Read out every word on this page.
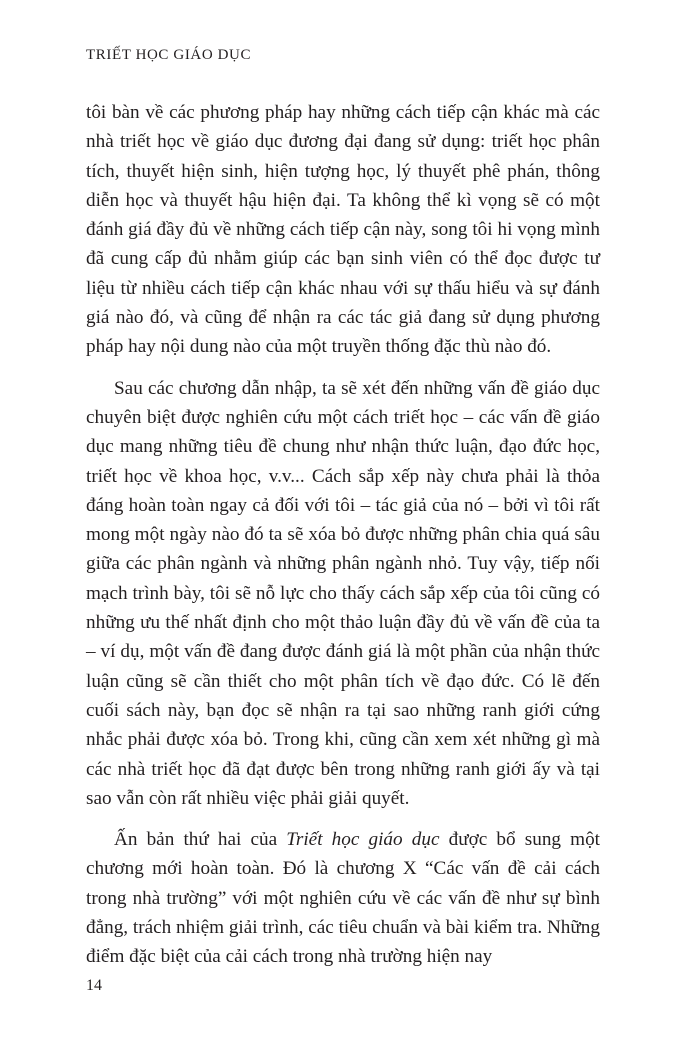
TRIẾT HỌC GIÁO DỤC

tôi bàn về các phương pháp hay những cách tiếp cận khác mà các nhà triết học về giáo dục đương đại đang sử dụng: triết học phân tích, thuyết hiện sinh, hiện tượng học, lý thuyết phê phán, thông diễn học và thuyết hậu hiện đại. Ta không thể kì vọng sẽ có một đánh giá đầy đủ về những cách tiếp cận này, song tôi hi vọng mình đã cung cấp đủ nhằm giúp các bạn sinh viên có thể đọc được tư liệu từ nhiều cách tiếp cận khác nhau với sự thấu hiểu và sự đánh giá nào đó, và cũng để nhận ra các tác giả đang sử dụng phương pháp hay nội dung nào của một truyền thống đặc thù nào đó.

Sau các chương dẫn nhập, ta sẽ xét đến những vấn đề giáo dục chuyên biệt được nghiên cứu một cách triết học – các vấn đề giáo dục mang những tiêu đề chung như nhận thức luận, đạo đức học, triết học về khoa học, v.v... Cách sắp xếp này chưa phải là thỏa đáng hoàn toàn ngay cả đối với tôi – tác giả của nó – bởi vì tôi rất mong một ngày nào đó ta sẽ xóa bỏ được những phân chia quá sâu giữa các phân ngành và những phân ngành nhỏ. Tuy vậy, tiếp nối mạch trình bày, tôi sẽ nỗ lực cho thấy cách sắp xếp của tôi cũng có những ưu thế nhất định cho một thảo luận đầy đủ về vấn đề của ta – ví dụ, một vấn đề đang được đánh giá là một phần của nhận thức luận cũng sẽ cần thiết cho một phân tích về đạo đức. Có lẽ đến cuối sách này, bạn đọc sẽ nhận ra tại sao những ranh giới cứng nhắc phải được xóa bỏ. Trong khi, cũng cần xem xét những gì mà các nhà triết học đã đạt được bên trong những ranh giới ấy và tại sao vẫn còn rất nhiều việc phải giải quyết.

Ấn bản thứ hai của Triết học giáo dục được bổ sung một chương mới hoàn toàn. Đó là chương X “Các vấn đề cải cách trong nhà trường” với một nghiên cứu về các vấn đề như sự bình đẳng, trách nhiệm giải trình, các tiêu chuẩn và bài kiểm tra. Những điểm đặc biệt của cải cách trong nhà trường hiện nay

14
